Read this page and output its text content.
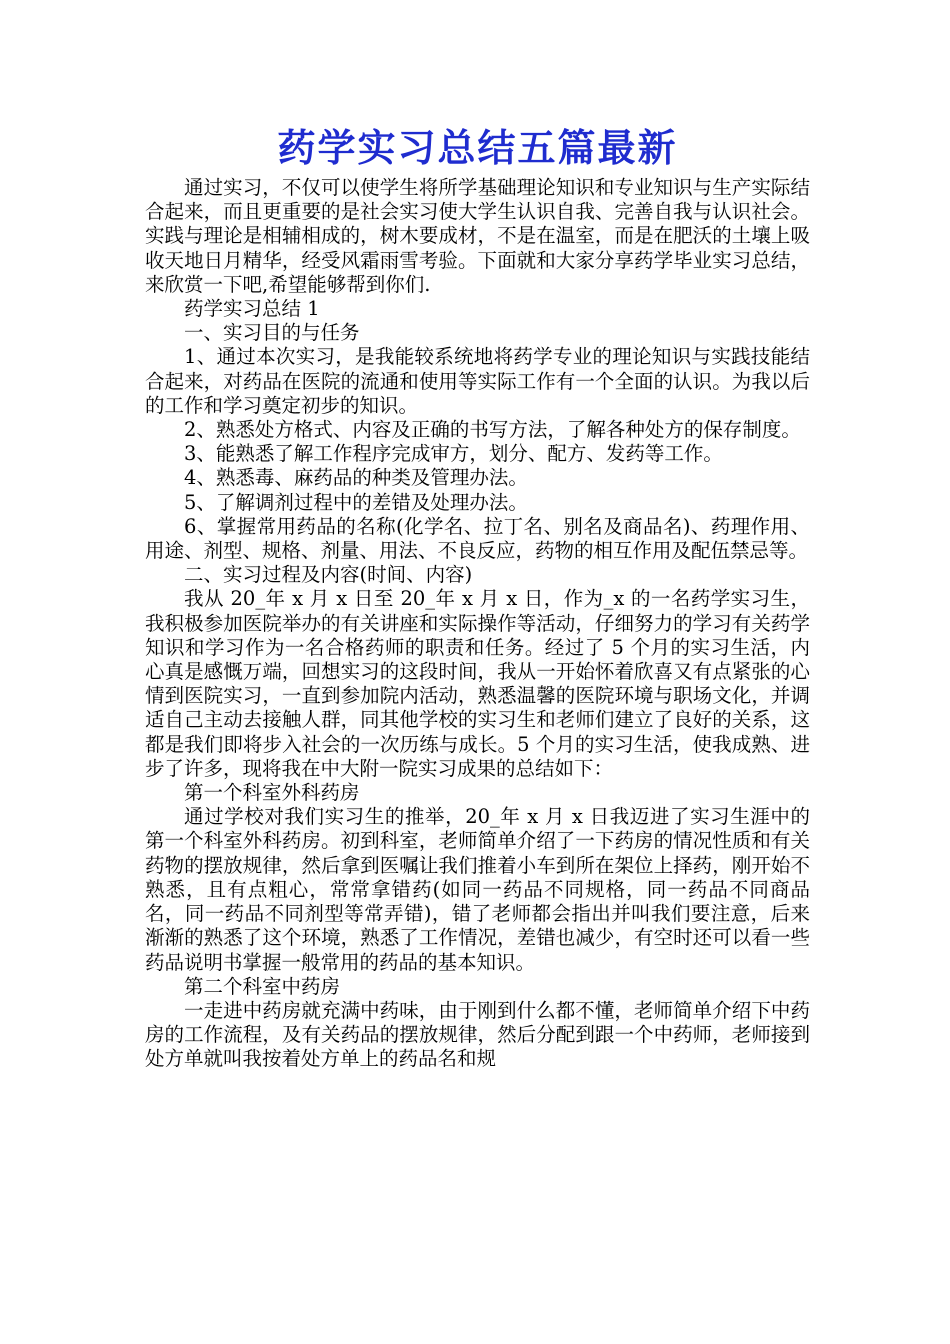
药学实习总结五篇最新

通过实习，不仅可以使学生将所学基础理论知识和专业知识与生产实际结合起来，而且更重要的是社会实习使大学生认识自我、完善自我与认识社会。实践与理论是相辅相成的，树木要成材，不是在温室，而是在肥沃的土壤上吸收天地日月精华，经受风霜雨雪考验。下面就和大家分享药学毕业实习总结，来欣赏一下吧,希望能够帮到你们.

药学实习总结 1

一、实习目的与任务

1、通过本次实习，是我能较系统地将药学专业的理论知识与实践技能结合起来，对药品在医院的流通和使用等实际工作有一个全面的认识。为我以后的工作和学习奠定初步的知识。

2、熟悉处方格式、内容及正确的书写方法，了解各种处方的保存制度。

3、能熟悉了解工作程序完成审方，划分、配方、发药等工作。

4、熟悉毒、麻药品的种类及管理办法。

5、了解调剂过程中的差错及处理办法。

6、掌握常用药品的名称(化学名、拉丁名、别名及商品名)、药理作用、用途、剂型、规格、剂量、用法、不良反应，药物的相互作用及配伍禁忌等。

二、实习过程及内容(时间、内容)

我从 20_年 x 月 x 日至 20_年 x 月 x 日，作为_x 的一名药学实习生，我积极参加医院举办的有关讲座和实际操作等活动，仔细努力的学习有关药学知识和学习作为一名合格药师的职责和任务。经过了 5 个月的实习生活，内心真是感慨万端，回想实习的这段时间，我从一开始怀着欣喜又有点紧张的心情到医院实习，一直到参加院内活动，熟悉温馨的医院环境与职场文化，并调适自己主动去接触人群，同其他学校的实习生和老师们建立了良好的关系，这都是我们即将步入社会的一次历练与成长。5 个月的实习生活，使我成熟、进步了许多，现将我在中大附一院实习成果的总结如下：

第一个科室外科药房

通过学校对我们实习生的推举，20_年 x 月 x 日我迈进了实习生涯中的第一个科室外科药房。初到科室，老师简单介绍了一下药房的情况性质和有关药物的摆放规律，然后拿到医嘱让我们推着小车到所在架位上择药，刚开始不熟悉，且有点粗心，常常拿错药(如同一药品不同规格，同一药品不同商品名，同一药品不同剂型等常弄错)，错了老师都会指出并叫我们要注意，后来渐渐的熟悉了这个环境，熟悉了工作情况，差错也减少，有空时还可以看一些药品说明书掌握一般常用的药品的基本知识。

第二个科室中药房

一走进中药房就充满中药味，由于刚到什么都不懂，老师简单介绍下中药房的工作流程，及有关药品的摆放规律，然后分配到跟一个中药师，老师接到处方单就叫我按着处方单上的药品名和规
